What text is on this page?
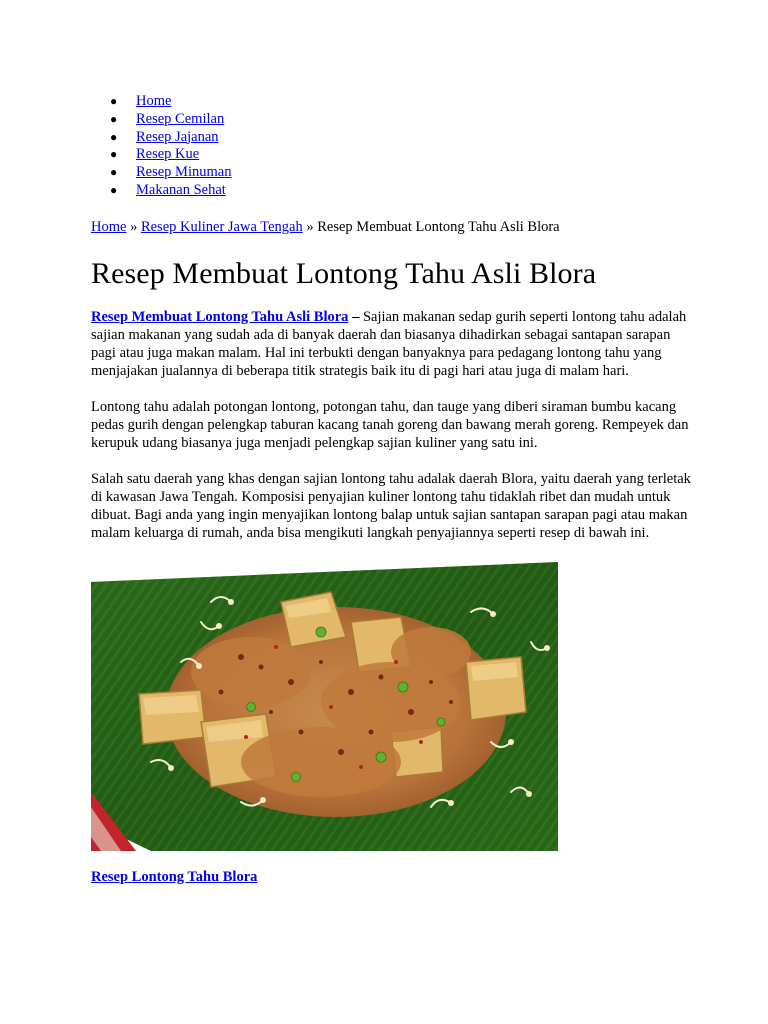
● Home
● Resep Cemilan
● Resep Jajanan
● Resep Kue
● Resep Minuman
● Makanan Sehat
Home » Resep Kuliner Jawa Tengah » Resep Membuat Lontong Tahu Asli Blora
Resep Membuat Lontong Tahu Asli Blora

Resep Membuat Lontong Tahu Asli Blora – Sajian makanan sedap gurih seperti lontong tahu adalah sajian makanan yang sudah ada di banyak daerah dan biasanya dihadirkan sebagai santapan sarapan pagi atau juga makan malam. Hal ini terbukti dengan banyaknya para pedagang lontong tahu yang menjajakan jualannya di beberapa titik strategis baik itu di pagi hari atau juga di malam hari.

Lontong tahu adalah potongan lontong, potongan tahu, dan tauge yang diberi siraman bumbu kacang pedas gurih dengan pelengkap taburan kacang tanah goreng dan bawang merah goreng. Rempeyek dan kerupuk udang biasanya juga menjadi pelengkap sajian kuliner yang satu ini.

Salah satu daerah yang khas dengan sajian lontong tahu adalak daerah Blora, yaitu daerah yang terletak di kawasan Jawa Tengah. Komposisi penyajian kuliner lontong tahu tidaklah ribet dan mudah untuk dibuat. Bagi anda yang ingin menyajikan lontong balap untuk sajian santapan sarapan pagi atau makan malam keluarga di rumah, anda bisa mengikuti langkah penyajiannya seperti resep di bawah ini.

Resep Lontong Tahu Blora
